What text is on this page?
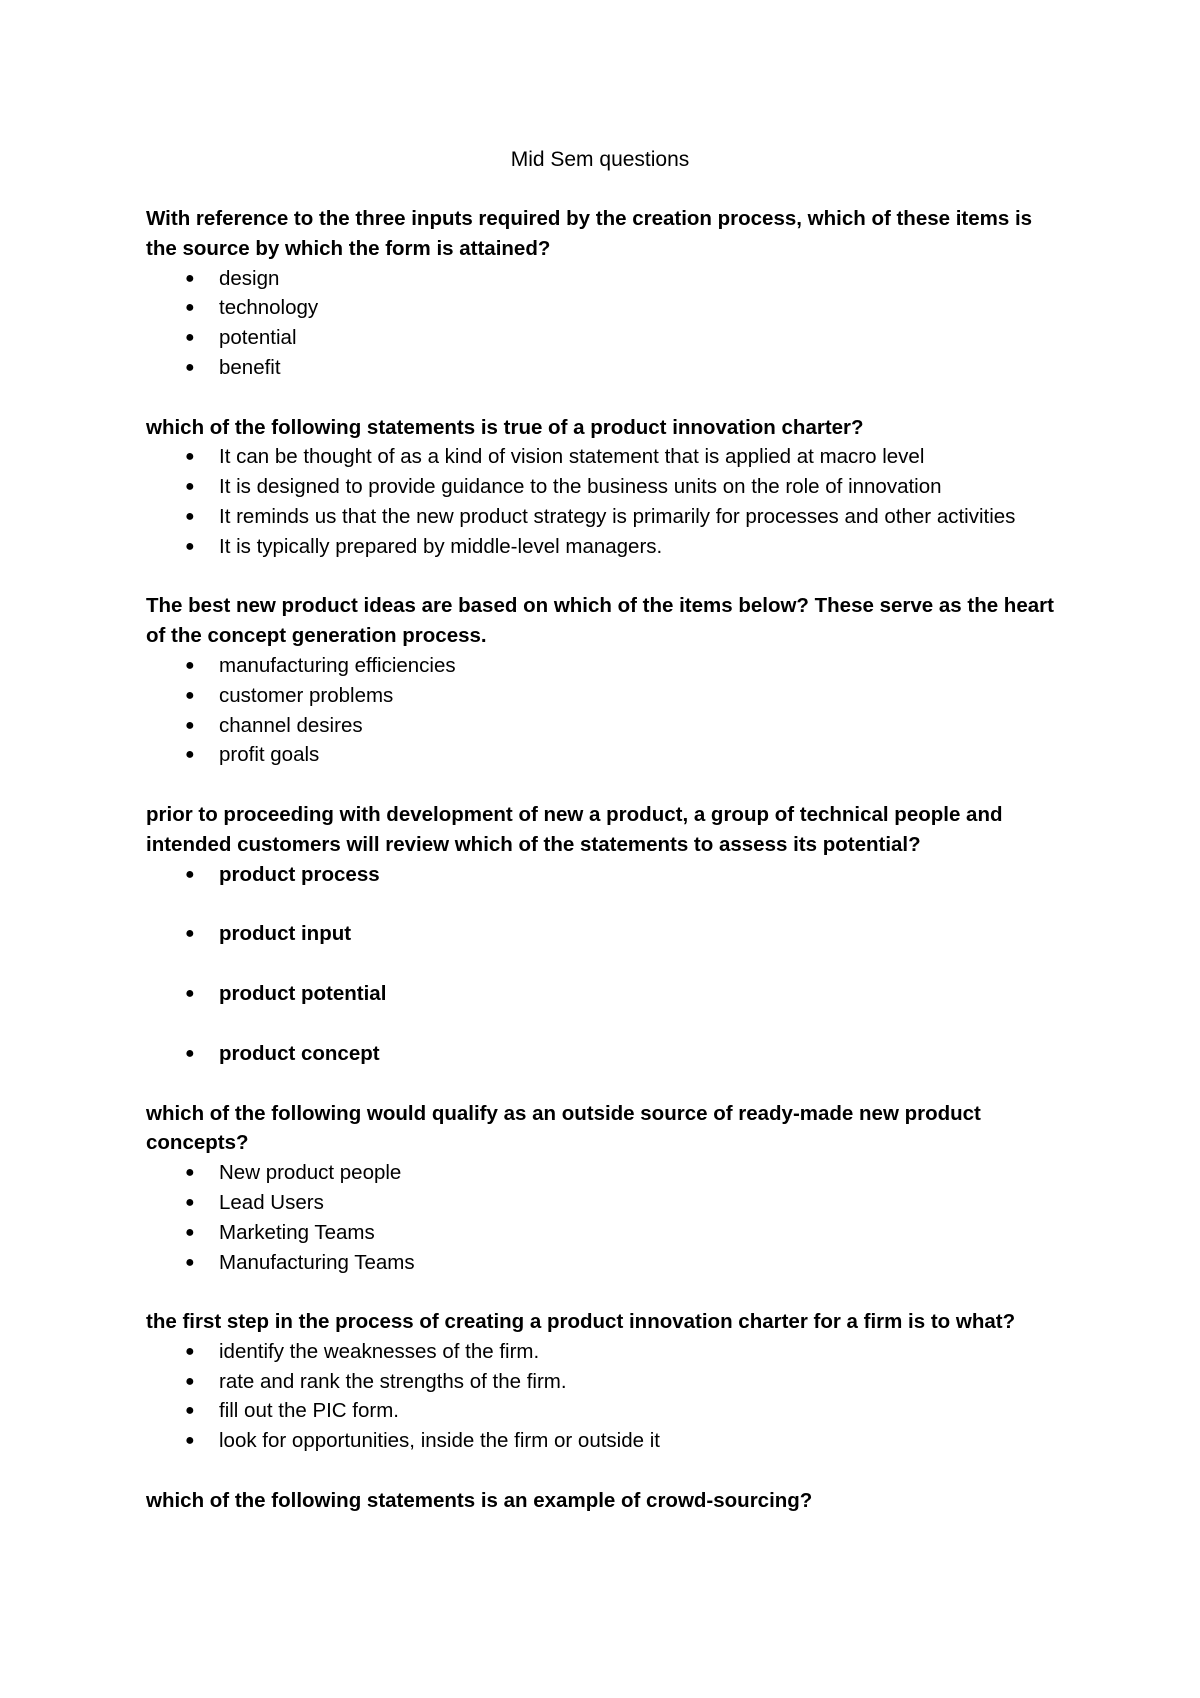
Mid Sem questions

With reference to the three inputs required by the creation process, which of these items is the source by which the form is attained?

● design
● technology
● potential
● benefit

which of the following statements is true of a product innovation charter?

● It can be thought of as a kind of vision statement that is applied at macro level
● It is designed to provide guidance to the business units on the role of innovation
● It reminds us that the new product strategy is primarily for processes and other activities
● It is typically prepared by middle-level managers.

The best new product ideas are based on which of the items below? These serve as the heart of the concept generation process.

● manufacturing efficiencies
● customer problems
● channel desires
● profit goals

prior to proceeding with development of new a product, a group of technical people and intended customers will review which of the statements to assess its potential?

● product process
● product input
● product potential
● product concept

which of the following would qualify as an outside source of ready-made new product concepts?

● New product people
● Lead Users
● Marketing Teams
● Manufacturing Teams

the first step in the process of creating a product innovation charter for a firm is to what?

● identify the weaknesses of the firm.
● rate and rank the strengths of the firm.
● fill out the PIC form.
● look for opportunities, inside the firm or outside it

which of the following statements is an example of crowd-sourcing?
